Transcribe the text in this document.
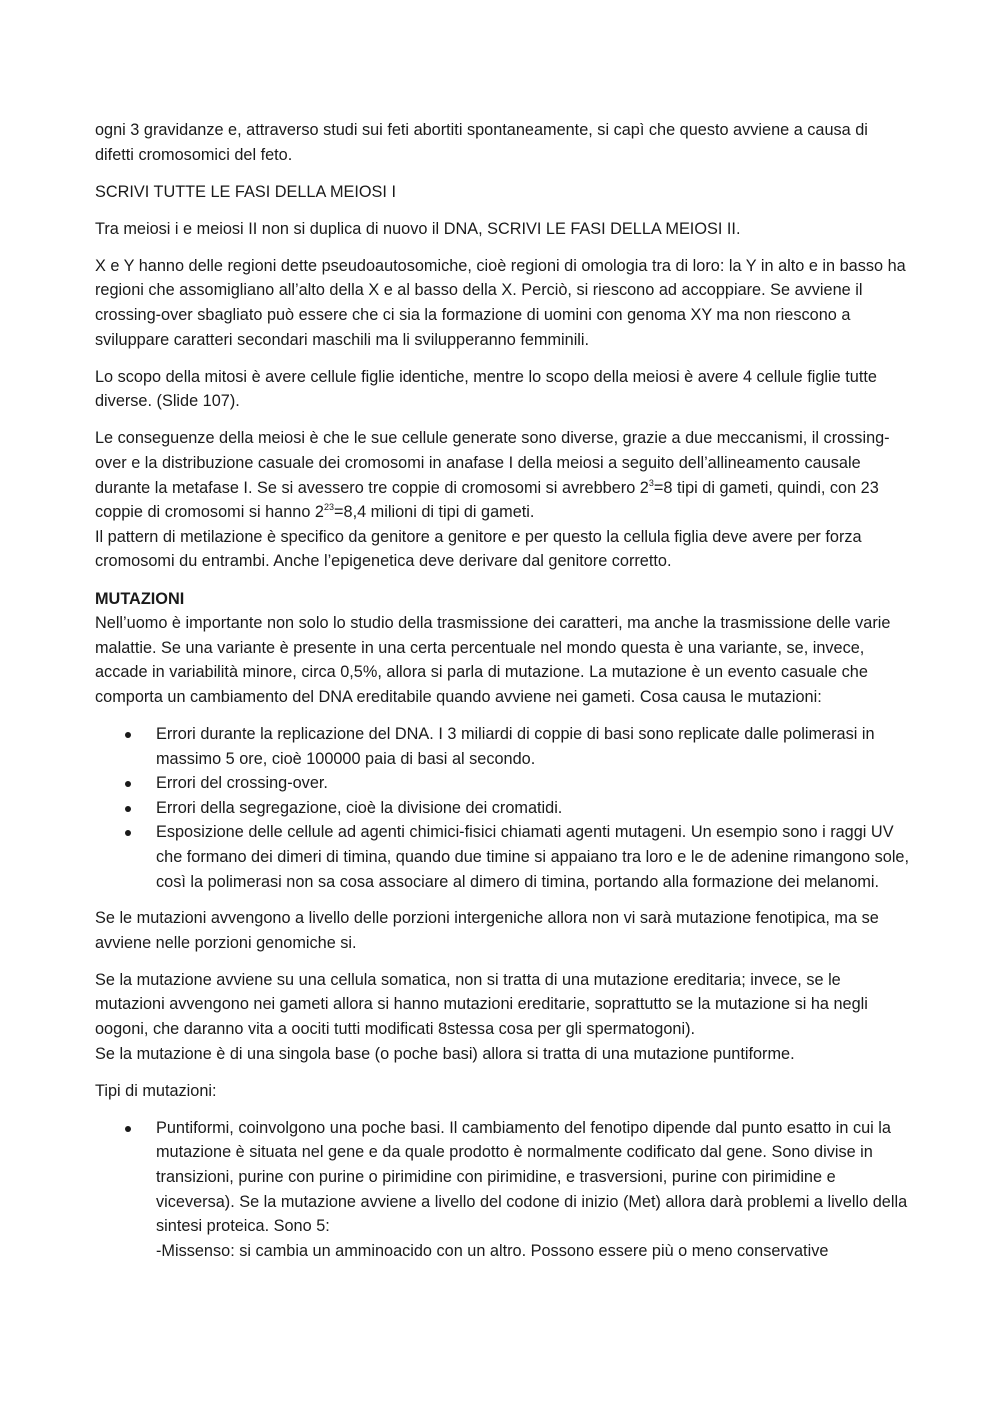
ogni 3 gravidanze e, attraverso studi sui feti abortiti spontaneamente, si capì che questo avviene a causa di difetti cromosomici del feto.

SCRIVI TUTTE LE FASI DELLA MEIOSI I

Tra meiosi i e meiosi II non si duplica di nuovo il DNA, SCRIVI LE FASI DELLA MEIOSI II.

X e Y hanno delle regioni dette pseudoautosomiche, cioè regioni di omologia tra di loro: la Y in alto e in basso ha regioni che assomigliano all’alto della X e al basso della X. Perciò, si riescono ad accoppiare. Se avviene il crossing-over sbagliato può essere che ci sia la formazione di uomini con genoma XY ma non riescono a sviluppare caratteri secondari maschili ma li svilupperanno femminili.

Lo scopo della mitosi è avere cellule figlie identiche, mentre lo scopo della meiosi è avere 4 cellule figlie tutte diverse. (Slide 107).

Le conseguenze della meiosi è che le sue cellule generate sono diverse, grazie a due meccanismi, il crossing-over e la distribuzione casuale dei cromosomi in anafase I della meiosi a seguito dell’allineamento causale durante la metafase I. Se si avessero tre coppie di cromosomi si avrebbero $2^3=8$ tipi di gameti, quindi, con 23 coppie di cromosomi si hanno $2^{23}=8,4$ milioni di tipi di gameti.

Il pattern di metilazione è specifico da genitore a genitore e per questo la cellula figlia deve avere per forza cromosomi du entrambi. Anche l’epigenetica deve derivare dal genitore corretto.

MUTAZIONI

Nell’uomo è importante non solo lo studio della trasmissione dei caratteri, ma anche la trasmissione delle varie malattie. Se una variante è presente in una certa percentuale nel mondo questa è una variante, se, invece, accade in variabilità minore, circa 0,5%, allora si parla di mutazione. La mutazione è un evento casuale che comporta un cambiamento del DNA ereditabile quando avviene nei gameti. Cosa causa le mutazioni:

Errori durante la replicazione del DNA. I 3 miliardi di coppie di basi sono replicate dalle polimerasi in massimo 5 ore, cioè 100000 paia di basi al secondo.
Errori del crossing-over.
Errori della segregazione, cioè la divisione dei cromatidi.
Esposizione delle cellule ad agenti chimici-fisici chiamati agenti mutageni. Un esempio sono i raggi UV che formano dei dimeri di timina, quando due timine si appaiano tra loro e le de adenine rimangono sole, così la polimerasi non sa cosa associare al dimero di timina, portando alla formazione dei melanomi.

Se le mutazioni avvengono a livello delle porzioni intergeniche allora non vi sarà mutazione fenotipica, ma se avviene nelle porzioni genomiche si.

Se la mutazione avviene su una cellula somatica, non si tratta di una mutazione ereditaria; invece, se le mutazioni avvengono nei gameti allora si hanno mutazioni ereditarie, soprattutto se la mutazione si ha negli oogoni, che daranno vita a oociti tutti modificati 8stessa cosa per gli spermatogoni).

Se la mutazione è di una singola base (o poche basi) allora si tratta di una mutazione puntiforme.

Tipi di mutazioni:

Puntiformi, coinvolgono una poche basi. Il cambiamento del fenotipo dipende dal punto esatto in cui la mutazione è situata nel gene e da quale prodotto è normalmente codificato dal gene. Sono divise in transizioni, purine con purine o pirimidine con pirimidine, e trasversioni, purine con pirimidine e viceversa). Se la mutazione avviene a livello del codone di inizio (Met) allora darà problemi a livello della sintesi proteica. Sono 5:
-Missenso: si cambia un amminoacido con un altro. Possono essere più o meno conservative
